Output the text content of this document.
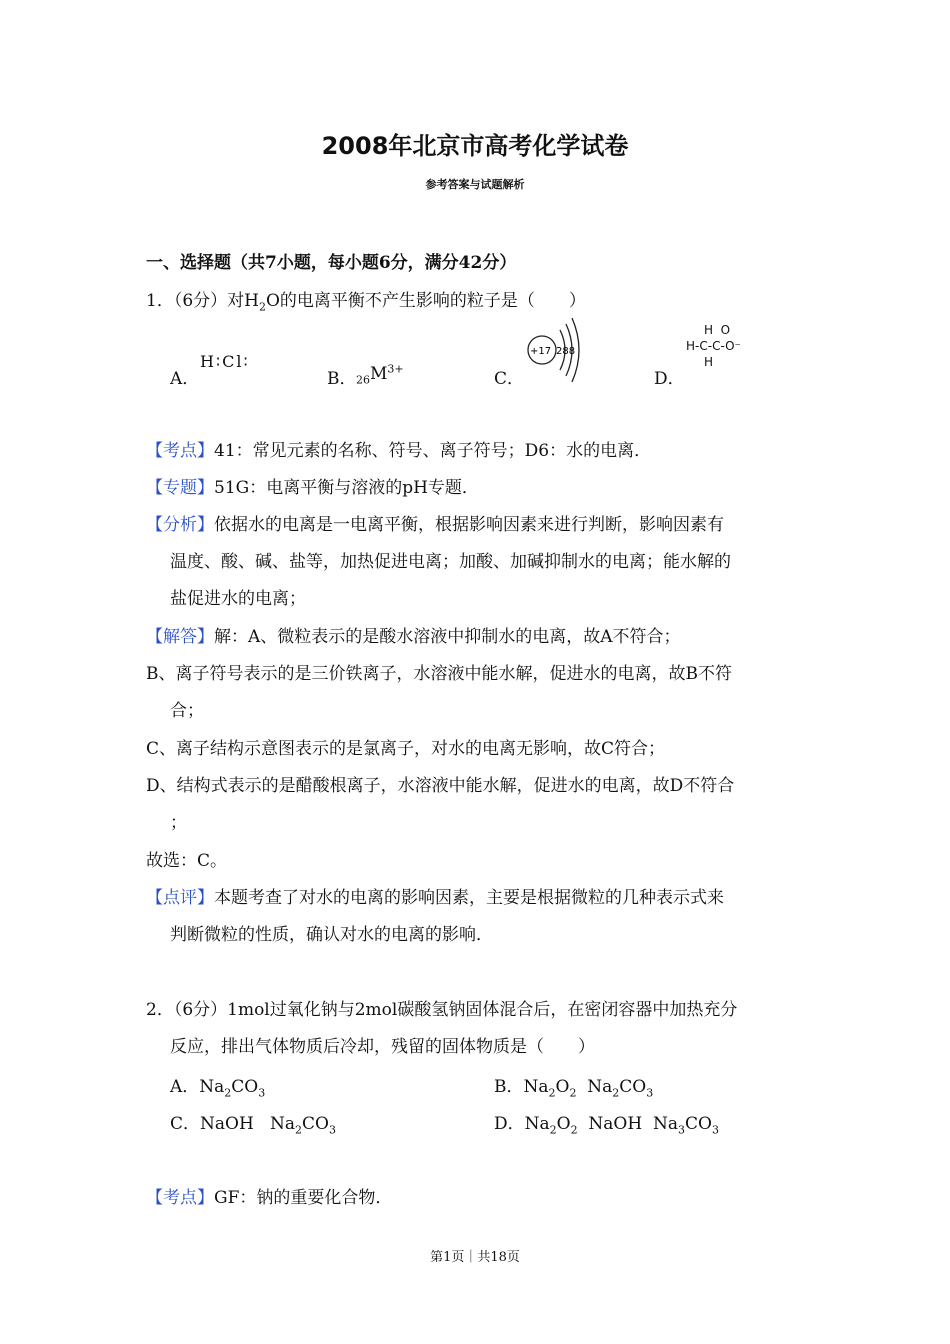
2008年北京市高考化学试卷
参考答案与试题解析
一、选择题（共7小题，每小题6分，满分42分）
1．（6分）对$H_2O$的电离平衡不产生影响的粒子是（　　）
A．
H∶Cl∶
B． $_{26}M^{3+}$
C．
+17 288
D．
H  O
H-C-C-O⁻
H
【考点】41：常见元素的名称、符号、离子符号；D6：水的电离．
【专题】51G：电离平衡与溶液的pH专题．
【分析】依据水的电离是一电离平衡，根据影响因素来进行判断，影响因素有
温度、酸、碱、盐等，加热促进电离；加酸、加碱抑制水的电离；能水解的
盐促进水的电离；
【解答】解：A、微粒表示的是酸水溶液中抑制水的电离，故A不符合；
B、离子符号表示的是三价铁离子，水溶液中能水解，促进水的电离，故B不符
合；
C、离子结构示意图表示的是氯离子，对水的电离无影响，故C符合；
D、结构式表示的是醋酸根离子，水溶液中能水解，促进水的电离，故D不符合
；
故选：C。
【点评】本题考查了对水的电离的影响因素，主要是根据微粒的几种表示式来
判断微粒的性质，确认对水的电离的影响．
2．（6分）1mol过氧化钠与2mol碳酸氢钠固体混合后，在密闭容器中加热充分
反应，排出气体物质后冷却，残留的固体物质是（　　）
A．$Na_2CO_3$	B．$Na_2O_2$ $Na_2CO_3$
C．NaOH $Na_2CO_3$	D．$Na_2O_2$ NaOH $Na_3CO_3$
【考点】GF：钠的重要化合物．
第1页｜共18页
